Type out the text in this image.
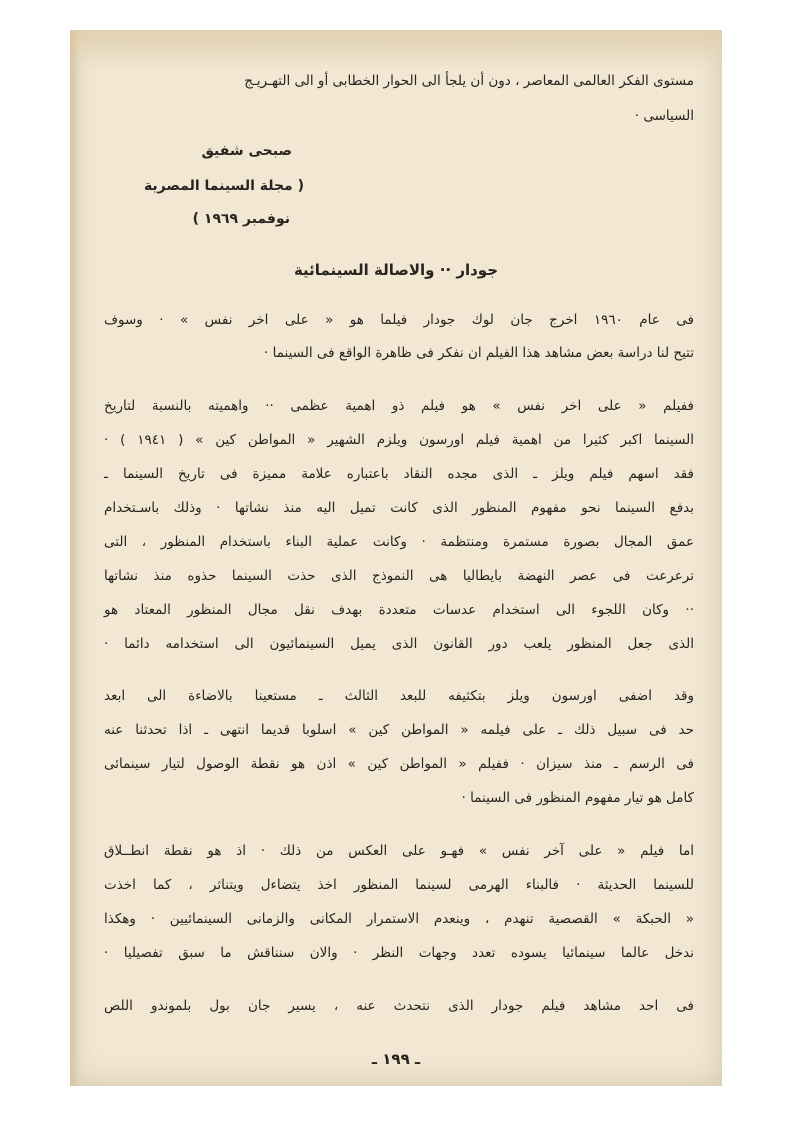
مستوى الفكر العالمى المعاصر ، دون أن يلجأ الى الحوار الخطابى أو الى التهـريـج

السياسى ·

صبحى شفيق

( مجلة السينما المصرية

نوفمبر ١٩٦٩ )

جودار ·· والاصالة السينمائية

فى عام ١٩٦٠ اخرج جان لوك جودار فيلما هو « على اخر نفس » · وسوف

تتيح لنا دراسة بعض مشاهد هذا الفيلم ان نفكر فى ظاهرة الواقع فى السينما ·

ففيلم « على اخر نفس » هو فيلم ذو اهمية عظمى ·· واهميته بالنسبة لتاريخ

السينما اكبر كثيرا من اهمية فيلم اورسون ويلزم الشهير « المواطن كين » ( ١٩٤١ ) ·

فقد اسهم فيلم ويلز ـ الذى مجده النقاد باعتباره علامة مميزة فى تاريخ السينما ـ

بدفع السينما نحو مفهوم المنظور الذى كانت تميل اليه منذ نشاتها · وذلك باسـتخدام

عمق المجال بصورة مستمرة ومنتظمة · وكانت عملية البناء باستخدام المنظور ، التى

ترعرعت فى عصر النهضة بايطاليا هى النموذج الذى حذت السينما حذوه منذ نشاتها

·· وكان اللجوء الى استخدام عدسات متعددة بهدف نقل مجال المنظور المعتاد هو

الذى جعل المنظور يلعب دور القانون الذى يميل السينمائيون الى استخدامه دائما ·

وقد اضفى اورسون ويلز بتكثيفه للبعد الثالث ـ مستعينا بالاضاءة الى ابعد

حد فى سبيل ذلك ـ على فيلمه « المواطن كين » اسلوبا قديما انتهى ـ اذا تحدثنا عنه

فى الرسم ـ منذ سيزان · ففيلم « المواطن كين » اذن هو نقطة الوصول لتيار سينمائى

كامل هو تيار مفهوم المنظور فى السينما ·

اما فيلم « على آخر نفس » فهـو على العكس من ذلك · اذ هو نقطة انطــلاق

للسينما الحديثة · فالبناء الهرمى لسينما المنظور اخذ يتضاءل ويتناثر ، كما اخذت

« الحبكة » القصصية تنهدم ، وينعدم الاستمرار المكانى والزمانى السينمائيين · وهكذا

ندخل عالما سينمائيا يسوده تعدد وجهات النظر · والان سنناقش ما سبق تفصيليا ·

فى احد مشاهد فيلم جودار الذى نتحدث عنه ، يسير جان بول بلموندو اللص

ـ ١٩٩ ـ
